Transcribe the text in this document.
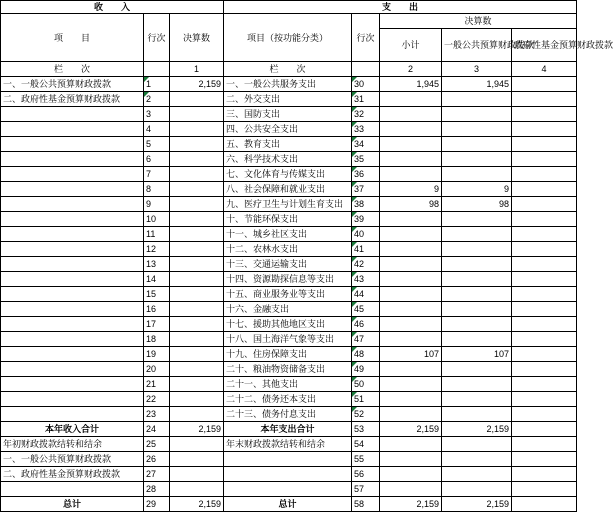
收　　入			支　　出				
项　　目	行次	决算数	项目（按功能分类）	行次	决算数		
					小计	一般公共预算财政拨款	政府性基金预算财政拨款
栏　　次		1	栏　　次		2	3	4
一、一般公共预算财政拨款	1	2,159	一、一般公共服务支出	30	1,945	1,945	
二、政府性基金预算财政拨款	2		二、外交支出	31			
	3		三、国防支出	32			
	4		四、公共安全支出	33			
	5		五、教育支出	34			
	6		六、科学技术支出	35			
	7		七、文化体育与传媒支出	36			
	8		八、社会保障和就业支出	37	9	9	
	9		九、医疗卫生与计划生育支出	38	98	98	
	10		十、节能环保支出	39			
	11		十一、城乡社区支出	40			
	12		十二、农林水支出	41			
	13		十三、交通运输支出	42			
	14		十四、资源勘探信息等支出	43			
	15		十五、商业服务业等支出	44			
	16		十六、金融支出	45			
	17		十七、援助其他地区支出	46			
	18		十八、国土海洋气象等支出	47			
	19		十九、住房保障支出	48	107	107	
	20		二十、粮油物资储备支出	49			
	21		二十一、其他支出	50			
	22		二十二、债务还本支出	51			
	23		二十三、债务付息支出	52			
本年收入合计	24	2,159	本年支出合计	53	2,159	2,159	
年初财政拨款结转和结余	25		年末财政拨款结转和结余	54			
一、一般公共预算财政拨款	26			55			
二、政府性基金预算财政拨款	27			56			
	28			57			
总计	29	2,159	总计	58	2,159	2,159	
